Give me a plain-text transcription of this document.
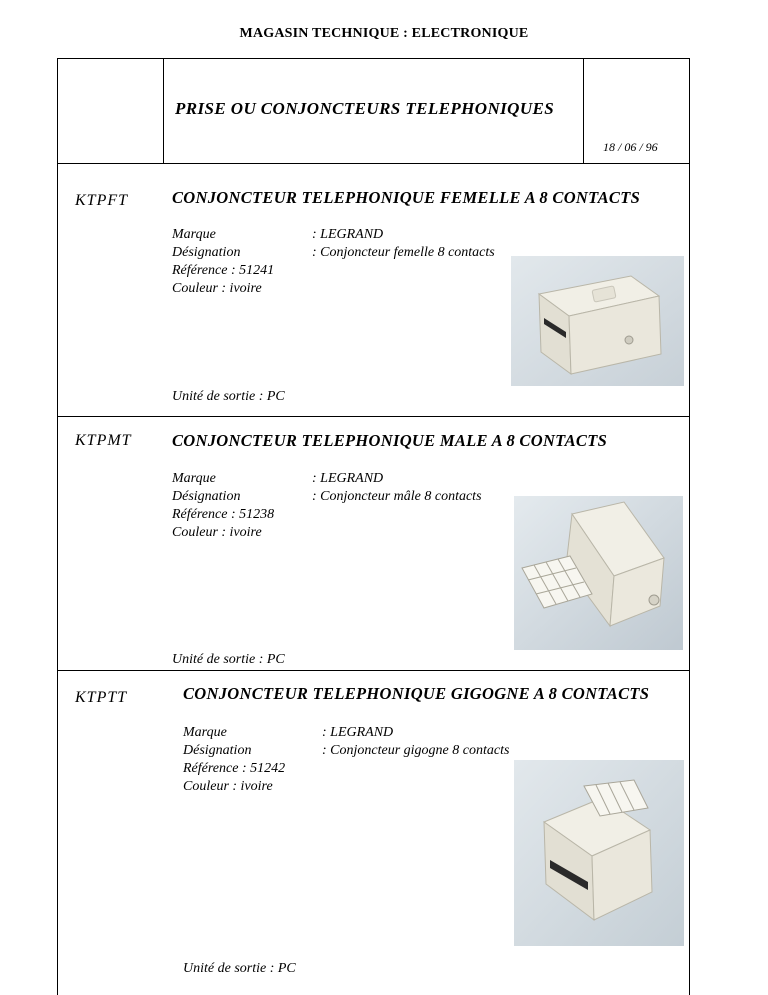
MAGASIN TECHNIQUE : ELECTRONIQUE
PRISE OU CONJONCTEURS TELEPHONIQUES
18 / 06 / 96
KTPFT	CONJONCTEUR TELEPHONIQUE FEMELLE A 8 CONTACTS
Marque	: LEGRAND
Désignation	: Conjoncteur femelle 8 contacts
Référence : 51241
Couleur : ivoire
Unité de sortie : PC
KTPMT CONJONCTEUR TELEPHONIQUE MALE A 8 CONTACTS
Marque	: LEGRAND
Désignation	: Conjoncteur mâle 8 contacts
Référence : 51238
Couleur : ivoire
Unité de sortie : PC
KTPTT	CONJONCTEUR TELEPHONIQUE GIGOGNE A 8 CONTACTS
Marque	: LEGRAND
Désignation	: Conjoncteur gigogne 8 contacts
Référence : 51242
Couleur : ivoire
Unité de sortie : PC
